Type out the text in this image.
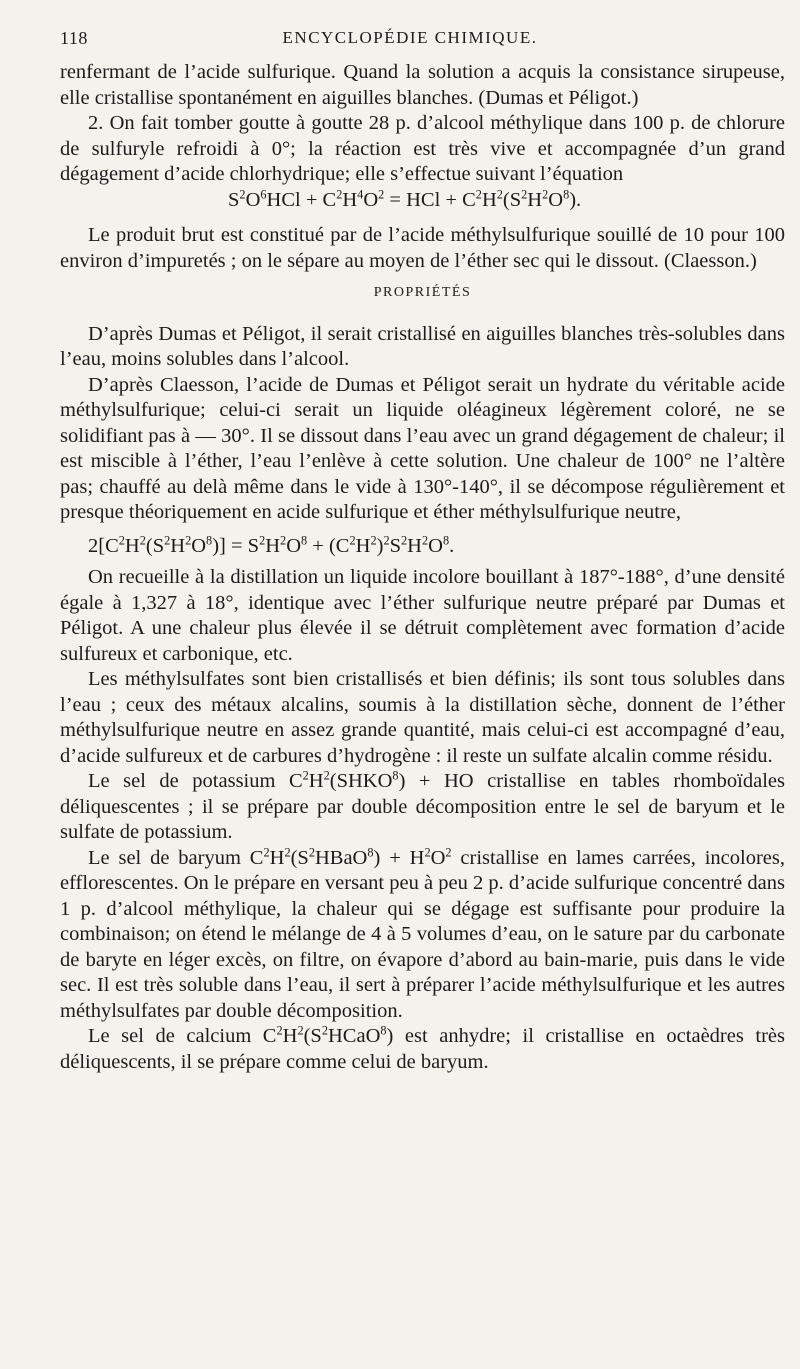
118	ENCYCLOPÉDIE CHIMIQUE.

renfermant de l’acide sulfurique. Quand la solution a acquis la consistance sirupeuse, elle cristallise spontanément en aiguilles blanches. (Dumas et Péligot.)

2. On fait tomber goutte à goutte 28 p. d’alcool méthylique dans 100 p. de chlorure de sulfuryle refroidi à 0°; la réaction est très vive et accompagnée d’un grand dégagement d’acide chlorhydrique; elle s’effectue suivant l’équation

$S^2O^6HCl + C^2H^4O^2$ = HCl + $C^2H^2(S^2H^2O^8)$.

Le produit brut est constitué par de l’acide méthylsulfurique souillé de 10 pour 100 environ d’impuretés ; on le sépare au moyen de l’éther sec qui le dissout. (Claesson.)

PROPRIÉTÉS

D’après Dumas et Péligot, il serait cristallisé en aiguilles blanches très-solubles dans l’eau, moins solubles dans l’alcool.

D’après Claesson, l’acide de Dumas et Péligot serait un hydrate du véritable acide méthylsulfurique; celui-ci serait un liquide oléagineux légèrement coloré, ne se solidifiant pas à — 30°. Il se dissout dans l’eau avec un grand dégagement de chaleur; il est miscible à l’éther, l’eau l’enlève à cette solution. Une chaleur de 100° ne l’altère pas; chauffé au delà même dans le vide à 130°-140°, il se décompose régulièrement et presque théoriquement en acide sulfurique et éther méthylsulfurique neutre,

$2[C^2H^2(S^2H^2O^8)] = S^2H^2O^8 + (C^2H^2)^2S^2H^2O^8$.

On recueille à la distillation un liquide incolore bouillant à 187°-188°, d’une densité égale à 1,327 à 18°, identique avec l’éther sulfurique neutre préparé par Dumas et Péligot. A une chaleur plus élevée il se détruit complètement avec formation d’acide sulfureux et carbonique, etc.

Les méthylsulfates sont bien cristallisés et bien définis; ils sont tous solubles dans l’eau ; ceux des métaux alcalins, soumis à la distillation sèche, donnent de l’éther méthylsulfurique neutre en assez grande quantité, mais celui-ci est accompagné d’eau, d’acide sulfureux et de carbures d’hydrogène : il reste un sulfate alcalin comme résidu.

Le sel de potassium $C^2H^2(SHKO^8)$ + HO cristallise en tables rhomboïdales déliquescentes ; il se prépare par double décomposition entre le sel de baryum et le sulfate de potassium.

Le sel de baryum $C^2H^2(S^2HBaO^8) + H^2O^2$ cristallise en lames carrées, incolores, efflorescentes. On le prépare en versant peu à peu 2 p. d’acide sulfurique concentré dans 1 p. d’alcool méthylique, la chaleur qui se dégage est suffisante pour produire la combinaison; on étend le mélange de 4 à 5 volumes d’eau, on le sature par du carbonate de baryte en léger excès, on filtre, on évapore d’abord au bain-marie, puis dans le vide sec. Il est très soluble dans l’eau, il sert à préparer l’acide méthylsulfurique et les autres méthylsulfates par double décomposition.

Le sel de calcium $C^2H^2(S^2HCaO^8)$ est anhydre; il cristallise en octaèdres très déliquescents, il se prépare comme celui de baryum.
